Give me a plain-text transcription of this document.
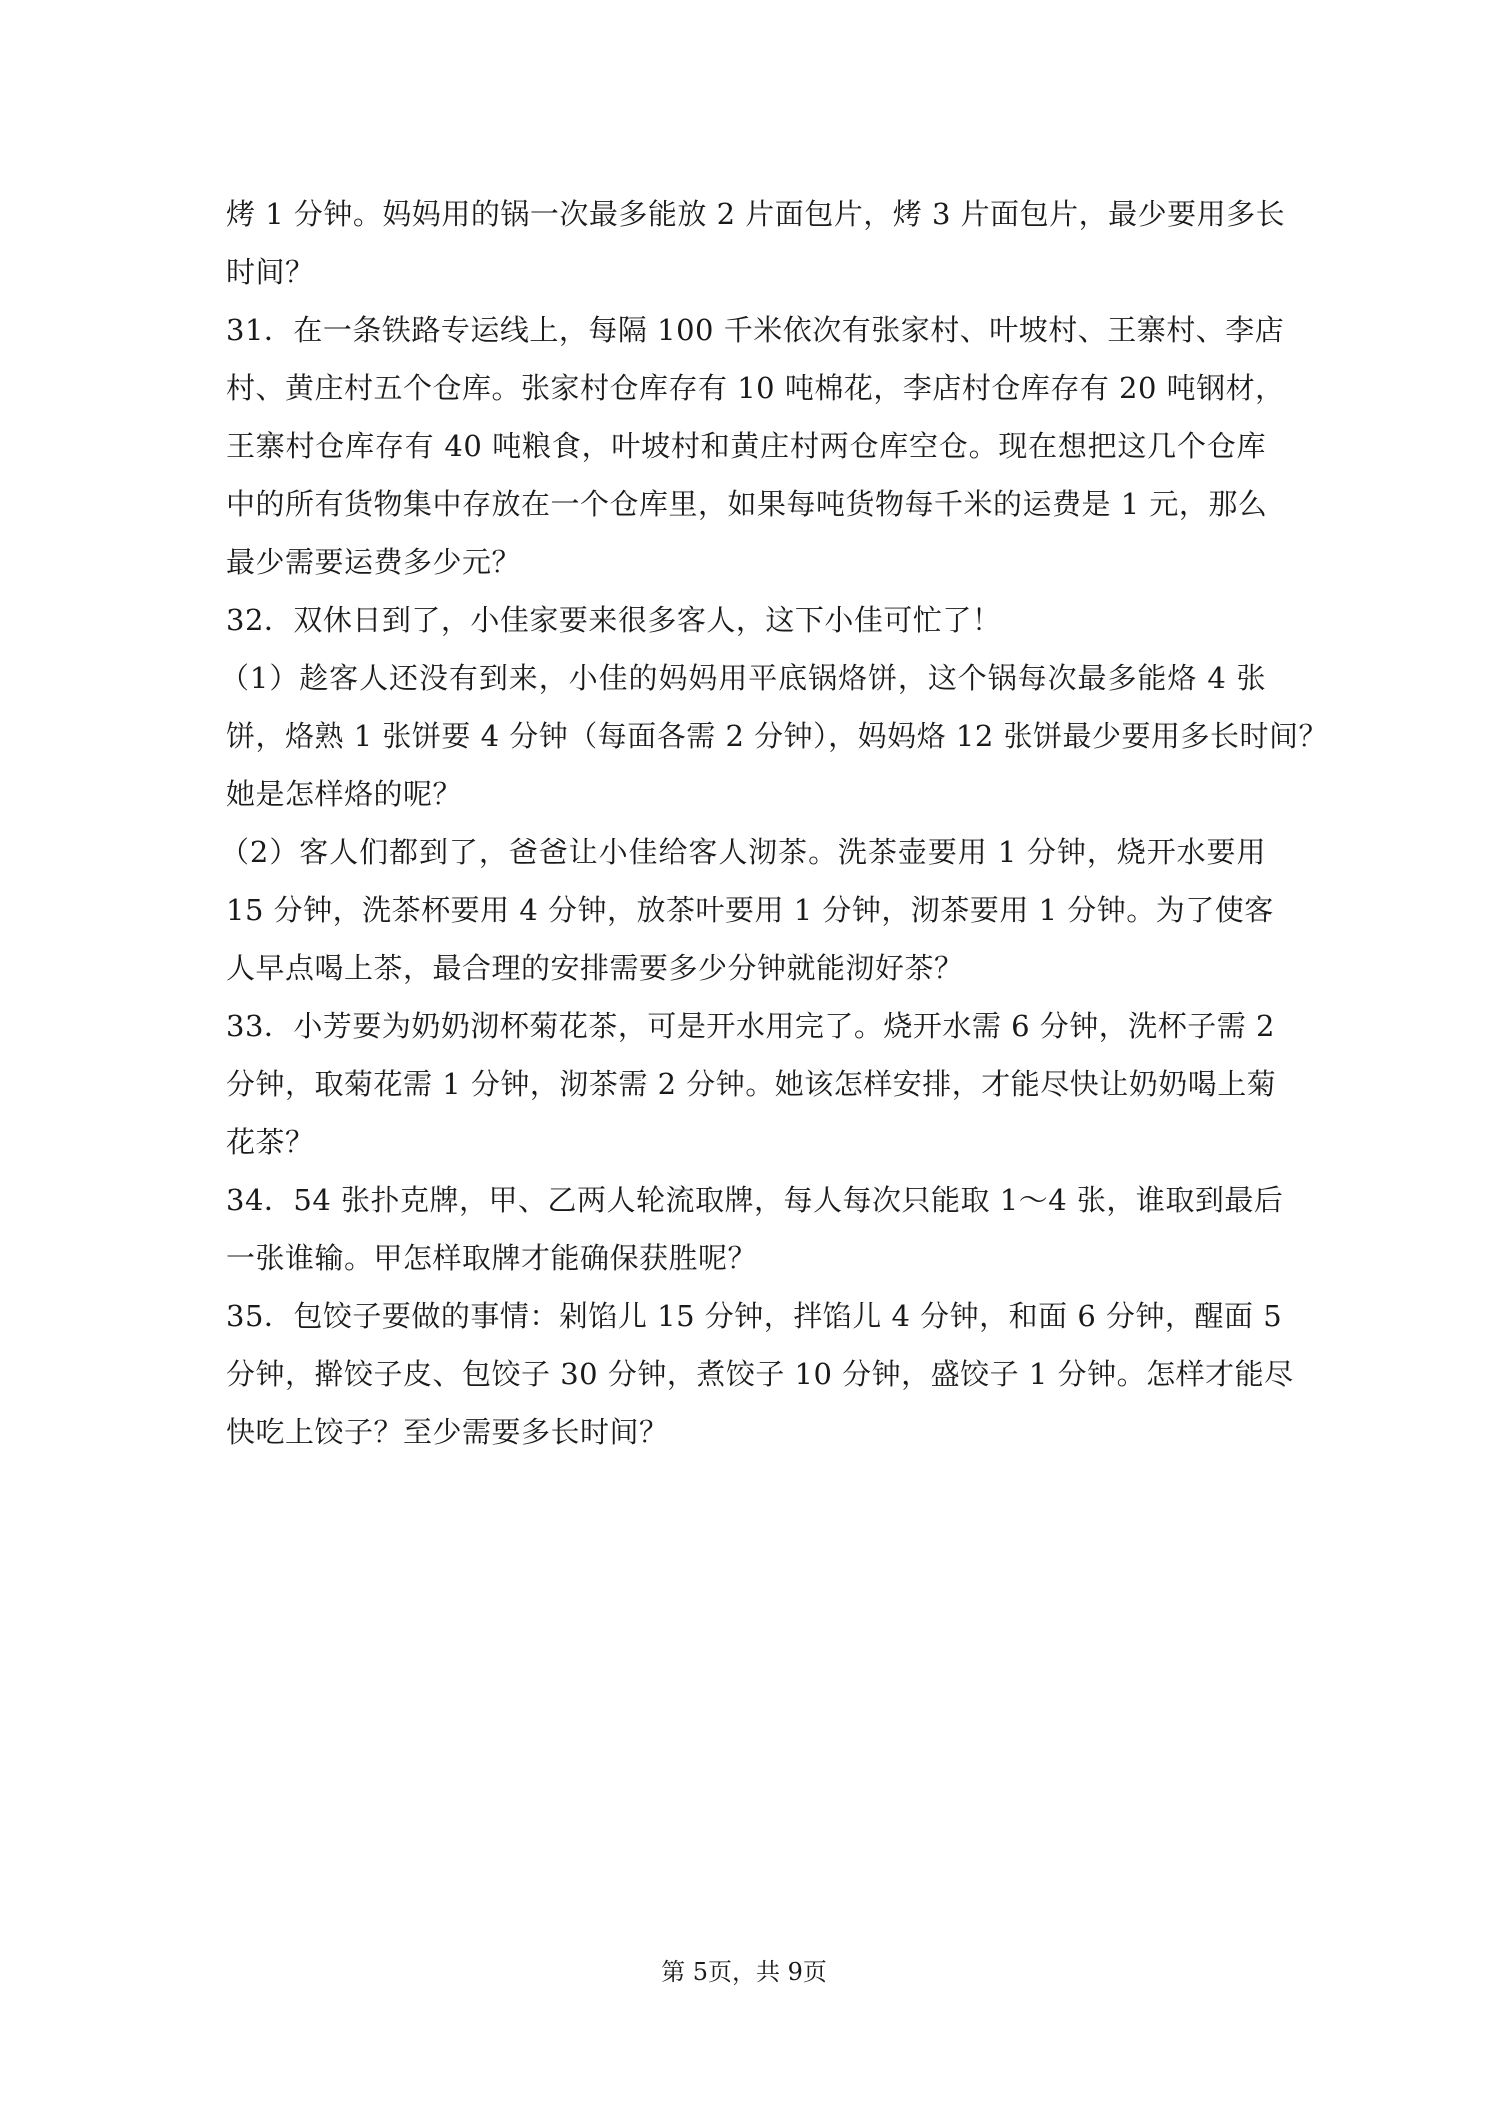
烤 1 分钟。妈妈用的锅一次最多能放 2 片面包片，烤 3 片面包片，最少要用多长
时间？
31．在一条铁路专运线上，每隔 100 千米依次有张家村、叶坡村、王寨村、李店
村、黄庄村五个仓库。张家村仓库存有 10 吨棉花，李店村仓库存有 20 吨钢材，
王寨村仓库存有 40 吨粮食，叶坡村和黄庄村两仓库空仓。现在想把这几个仓库
中的所有货物集中存放在一个仓库里，如果每吨货物每千米的运费是 1 元，那么
最少需要运费多少元？
32．双休日到了，小佳家要来很多客人，这下小佳可忙了！
（1）趁客人还没有到来，小佳的妈妈用平底锅烙饼，这个锅每次最多能烙 4 张
饼，烙熟 1 张饼要 4 分钟（每面各需 2 分钟），妈妈烙 12 张饼最少要用多长时间？
她是怎样烙的呢？
（2）客人们都到了，爸爸让小佳给客人沏茶。洗茶壶要用 1 分钟，烧开水要用
15 分钟，洗茶杯要用 4 分钟，放茶叶要用 1 分钟，沏茶要用 1 分钟。为了使客
人早点喝上茶，最合理的安排需要多少分钟就能沏好茶？
33．小芳要为奶奶沏杯菊花茶，可是开水用完了。烧开水需 6 分钟，洗杯子需 2
分钟，取菊花需 1 分钟，沏茶需 2 分钟。她该怎样安排，才能尽快让奶奶喝上菊
花茶？
34．54 张扑克牌，甲、乙两人轮流取牌，每人每次只能取 1～4 张，谁取到最后
一张谁输。甲怎样取牌才能确保获胜呢？
35．包饺子要做的事情：剁馅儿 15 分钟，拌馅儿 4 分钟，和面 6 分钟，醒面 5
分钟，擀饺子皮、包饺子 30 分钟，煮饺子 10 分钟，盛饺子 1 分钟。怎样才能尽
快吃上饺子？至少需要多长时间？
第 5页，共 9页
